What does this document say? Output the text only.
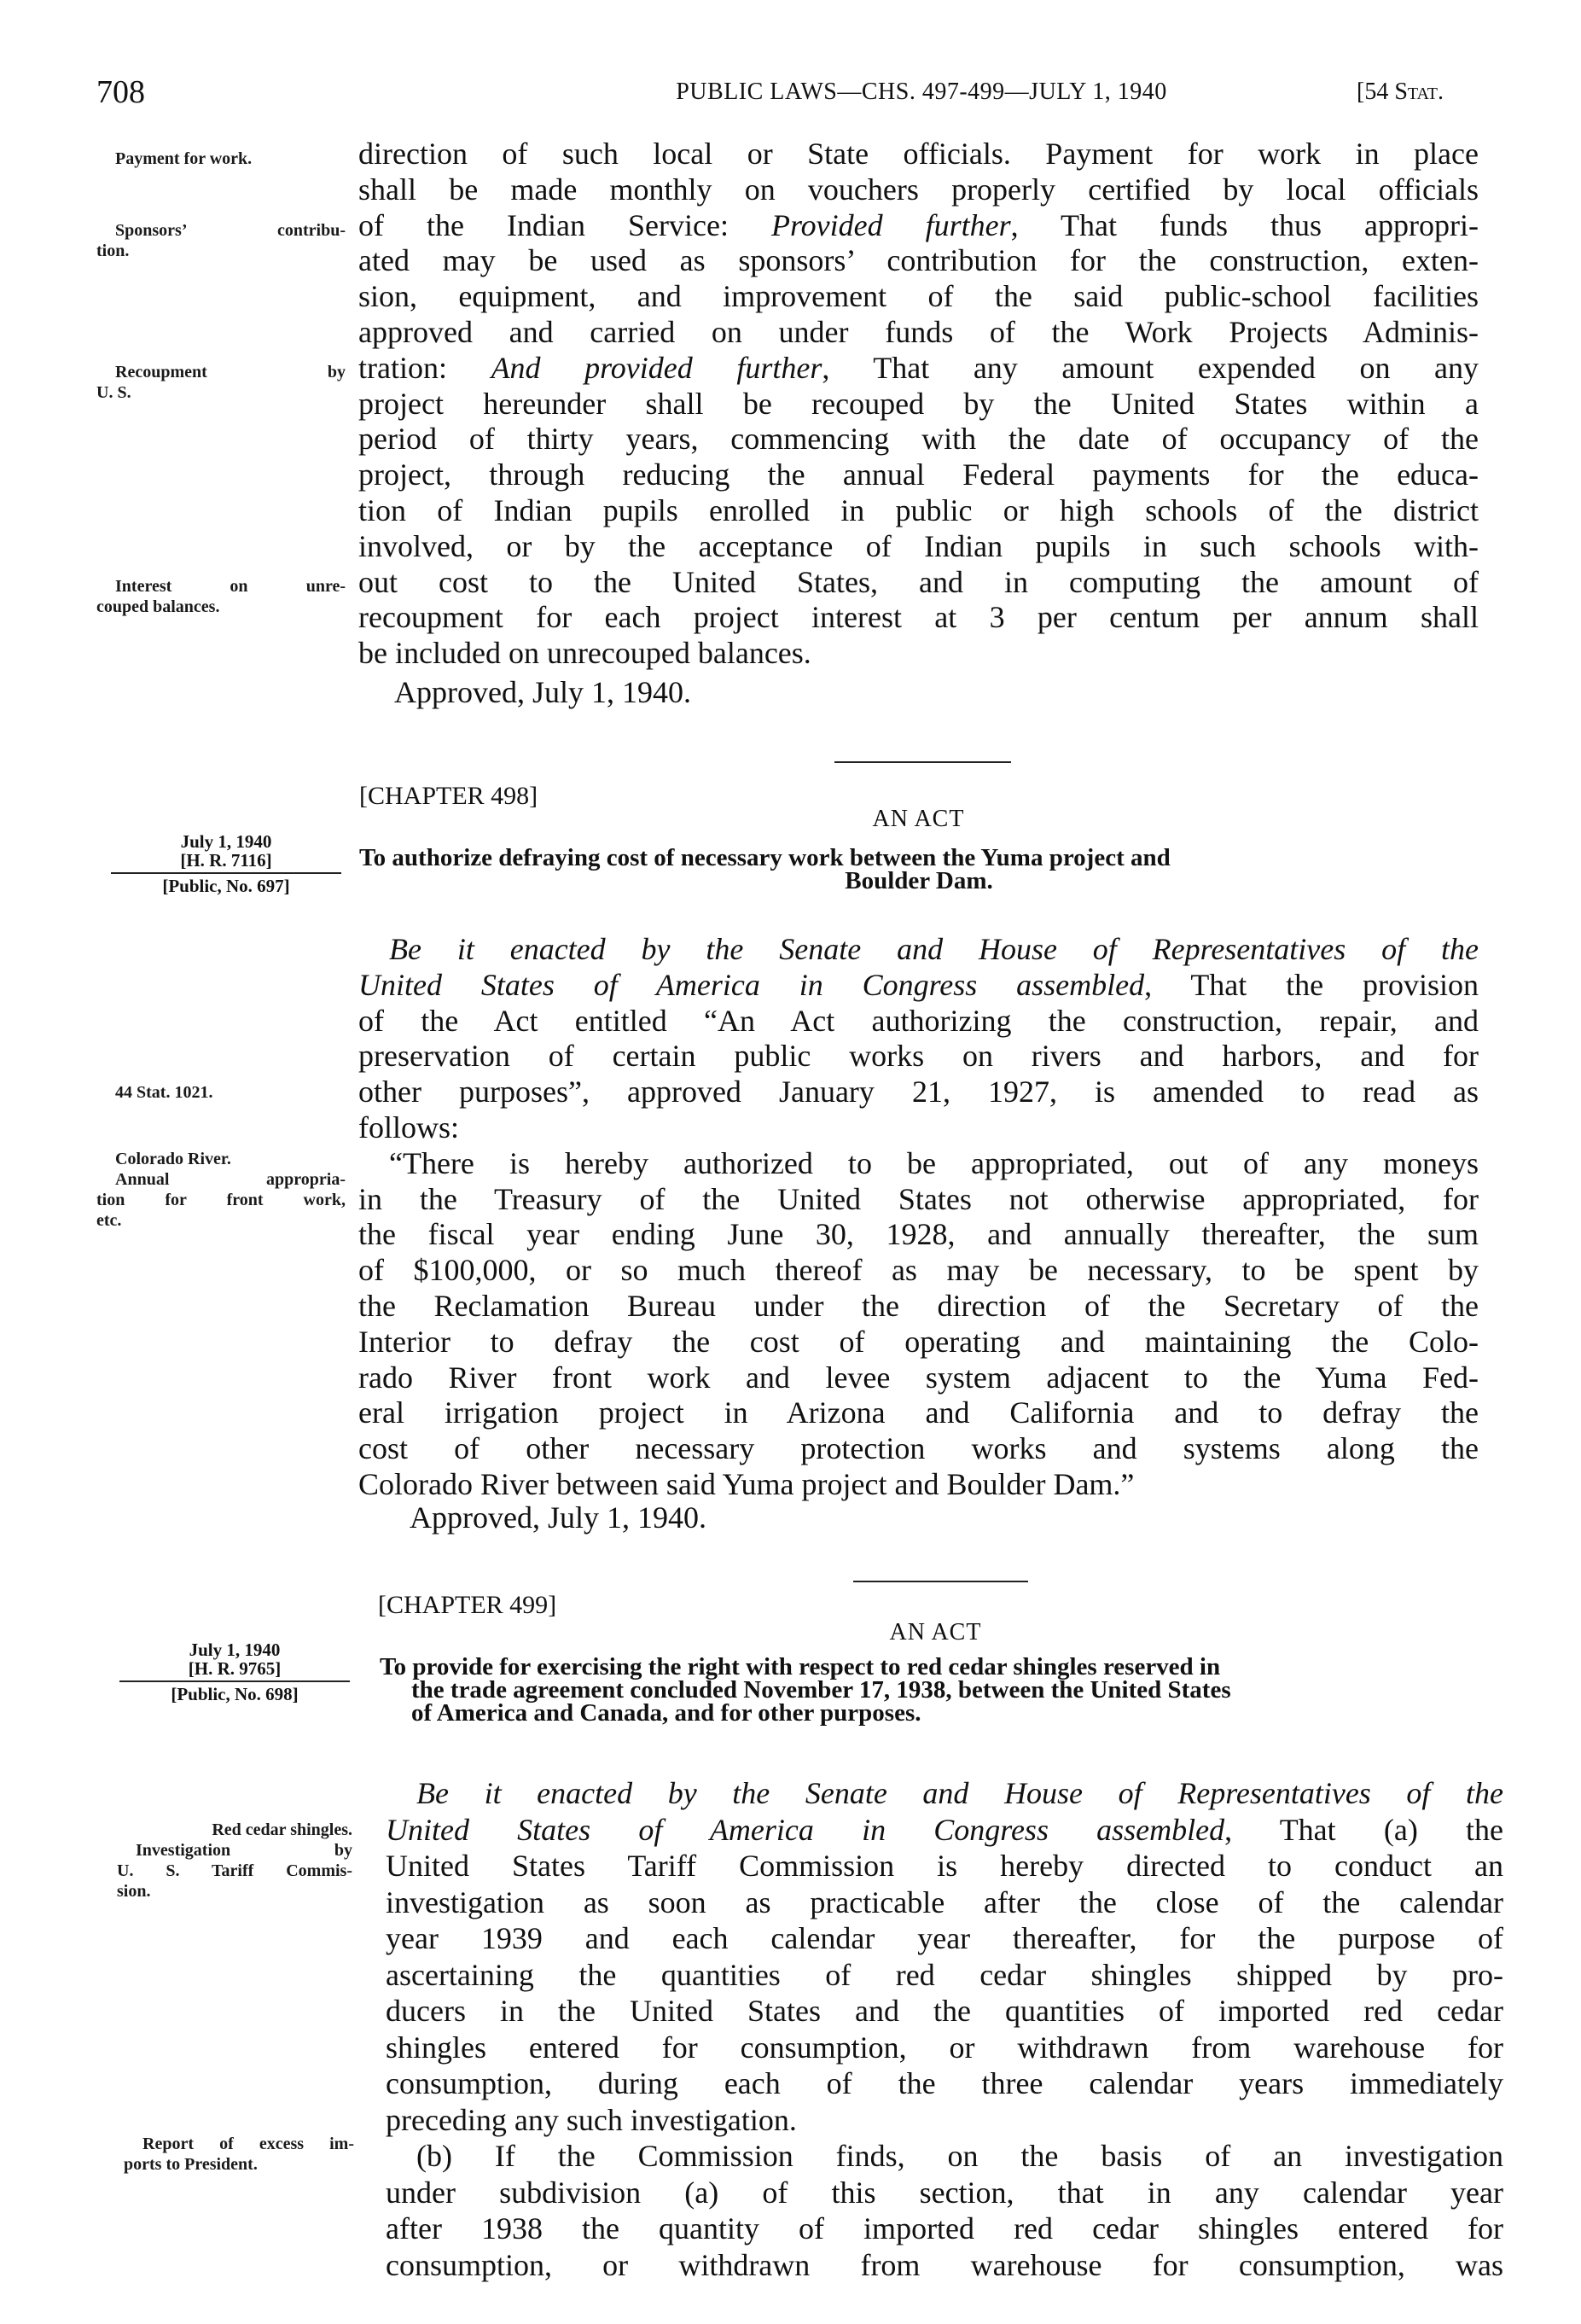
708	PUBLIC LAWS—CHS. 497-499—JULY 1, 1940	[54 Stat.
direction of such local or State officials. Payment for work in place
shall be made monthly on vouchers properly certified by local officials
of the Indian Service: Provided further, That funds thus appropri-
ated may be used as sponsors’ contribution for the construction, exten-
sion, equipment, and improvement of the said public-school facilities
approved and carried on under funds of the Work Projects Adminis-
tration: And provided further, That any amount expended on any
project hereunder shall be recouped by the United States within a
period of thirty years, commencing with the date of occupancy of the
project, through reducing the annual Federal payments for the educa-
tion of Indian pupils enrolled in public or high schools of the district
involved, or by the acceptance of Indian pupils in such schools with-
out cost to the United States, and in computing the amount of
recoupment for each project interest at 3 per centum per annum shall
be included on unrecouped balances.
Approved, July 1, 1940.
Payment for work.
Sponsors’ contribu-
tion.
Recoupment by
U. S.
Interest on unre-
couped balances.
[CHAPTER 498]
AN ACT
To authorize defraying cost of necessary work between the Yuma project and
Boulder Dam.
July 1, 1940
[H. R. 7116]
[Public, No. 697]
Be it enacted by the Senate and House of Representatives of the
United States of America in Congress assembled, That the provision
of the Act entitled “An Act authorizing the construction, repair, and
preservation of certain public works on rivers and harbors, and for
other purposes”, approved January 21, 1927, is amended to read as
follows:
“There is hereby authorized to be appropriated, out of any moneys
in the Treasury of the United States not otherwise appropriated, for
the fiscal year ending June 30, 1928, and annually thereafter, the sum
of $100,000, or so much thereof as may be necessary, to be spent by
the Reclamation Bureau under the direction of the Secretary of the
Interior to defray the cost of operating and maintaining the Colo-
rado River front work and levee system adjacent to the Yuma Fed-
eral irrigation project in Arizona and California and to defray the
cost of other necessary protection works and systems along the
Colorado River between said Yuma project and Boulder Dam.”
Approved, July 1, 1940.
44 Stat. 1021.
Colorado River.
Annual appropria-
tion for front work,
etc.
[CHAPTER 499]
AN ACT
To provide for exercising the right with respect to red cedar shingles reserved in
the trade agreement concluded November 17, 1938, between the United States
of America and Canada, and for other purposes.
July 1, 1940
[H. R. 9765]
[Public, No. 698]
Be it enacted by the Senate and House of Representatives of the
United States of America in Congress assembled, That (a) the
United States Tariff Commission is hereby directed to conduct an
investigation as soon as practicable after the close of the calendar
year 1939 and each calendar year thereafter, for the purpose of
ascertaining the quantities of red cedar shingles shipped by pro-
ducers in the United States and the quantities of imported red cedar
shingles entered for consumption, or withdrawn from warehouse for
consumption, during each of the three calendar years immediately
preceding any such investigation.
(b) If the Commission finds, on the basis of an investigation
under subdivision (a) of this section, that in any calendar year
after 1938 the quantity of imported red cedar shingles entered for
consumption, or withdrawn from warehouse for consumption, was
Red cedar shingles.
Investigation by
U. S. Tariff Commis-
sion.
Report of excess im-
ports to President.
